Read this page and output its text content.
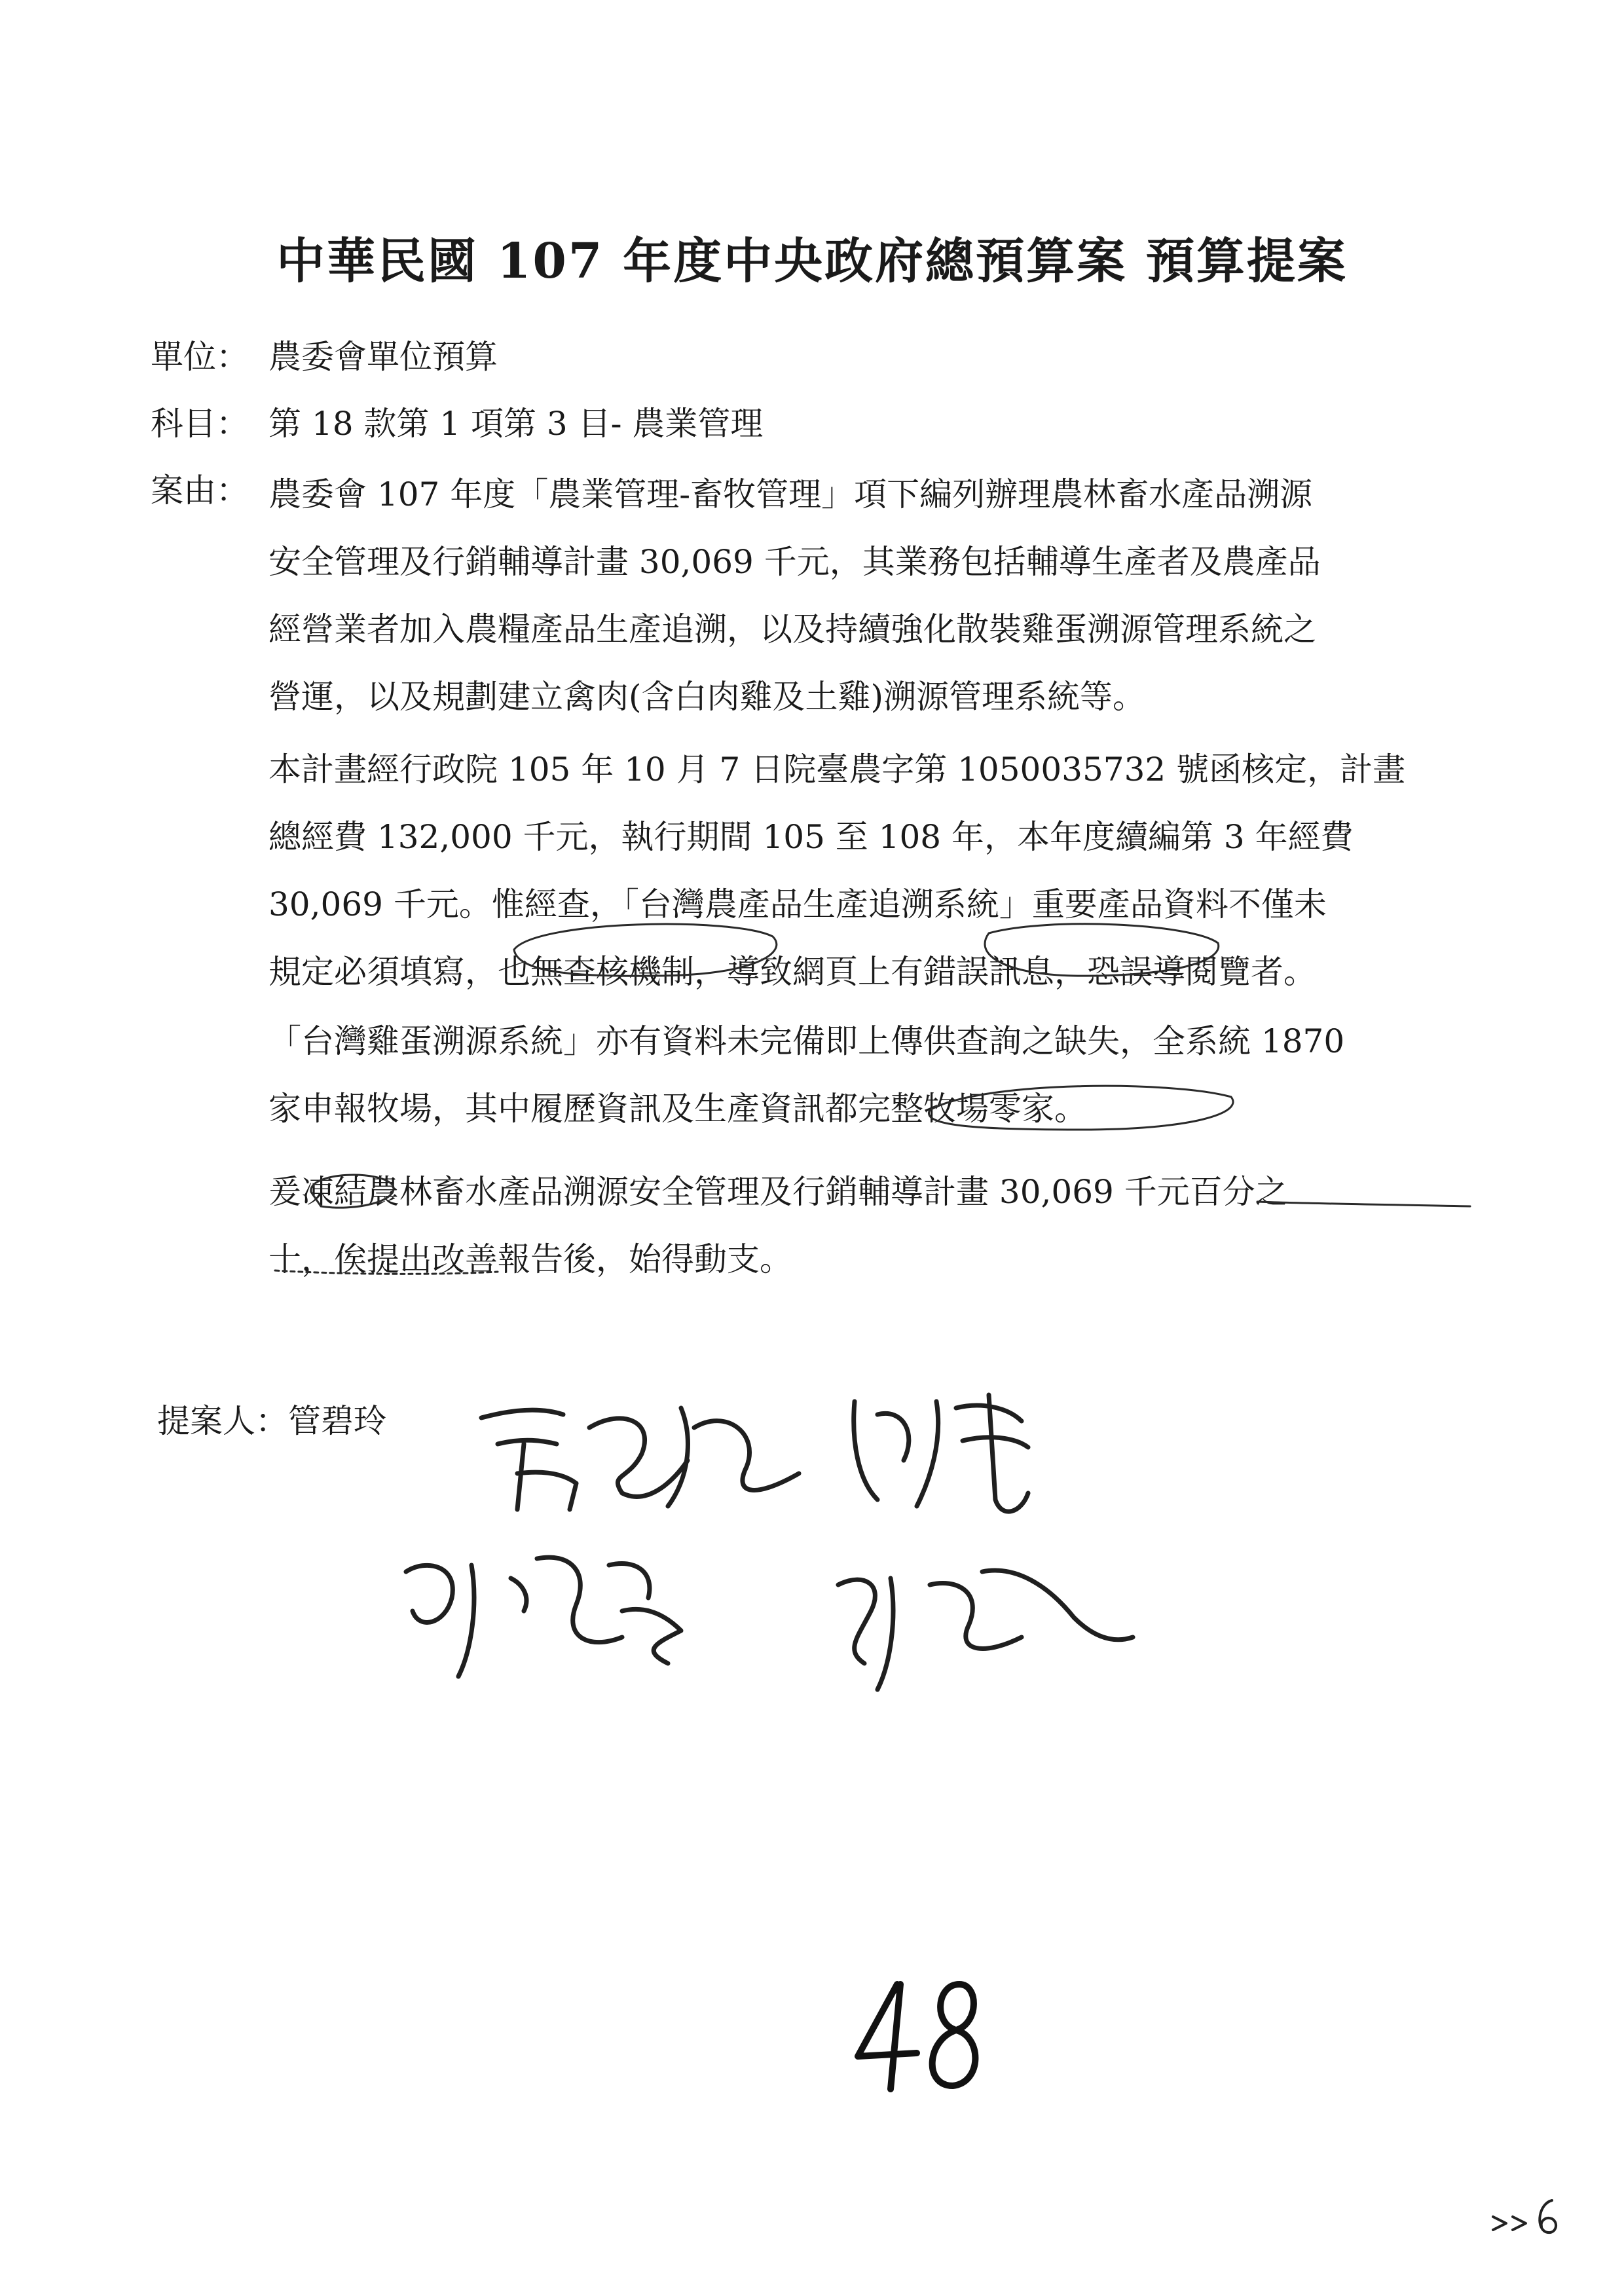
中華民國 107 年度中央政府總預算案 預算提案
單位： 農委會單位預算
科目： 第 18 款第 1 項第 3 目- 農業管理
案由： 農委會 107 年度「農業管理-畜牧管理」項下編列辦理農林畜水產品溯源
安全管理及行銷輔導計畫 30,069 千元，其業務包括輔導生產者及農產品
經營業者加入農糧產品生產追溯，以及持續強化散裝雞蛋溯源管理系統之
營運，以及規劃建立禽肉(含白肉雞及土雞)溯源管理系統等。
本計畫經行政院 105 年 10 月 7 日院臺農字第 1050035732 號函核定，計畫
總經費 132,000 千元，執行期間 105 至 108 年，本年度續編第 3 年經費
30,069 千元。惟經查，「台灣農產品生產追溯系統」重要產品資料不僅未
規定必須填寫，也無查核機制，導致網頁上有錯誤訊息，恐誤導閱覽者。
「台灣雞蛋溯源系統」亦有資料未完備即上傳供查詢之缺失，全系統 1870
家申報牧場，其中履歷資訊及生產資訊都完整牧場零家。
爰凍結農林畜水產品溯源安全管理及行銷輔導計畫 30,069 千元百分之
十，俟提出改善報告後，始得動支。
提案人：管碧玲
